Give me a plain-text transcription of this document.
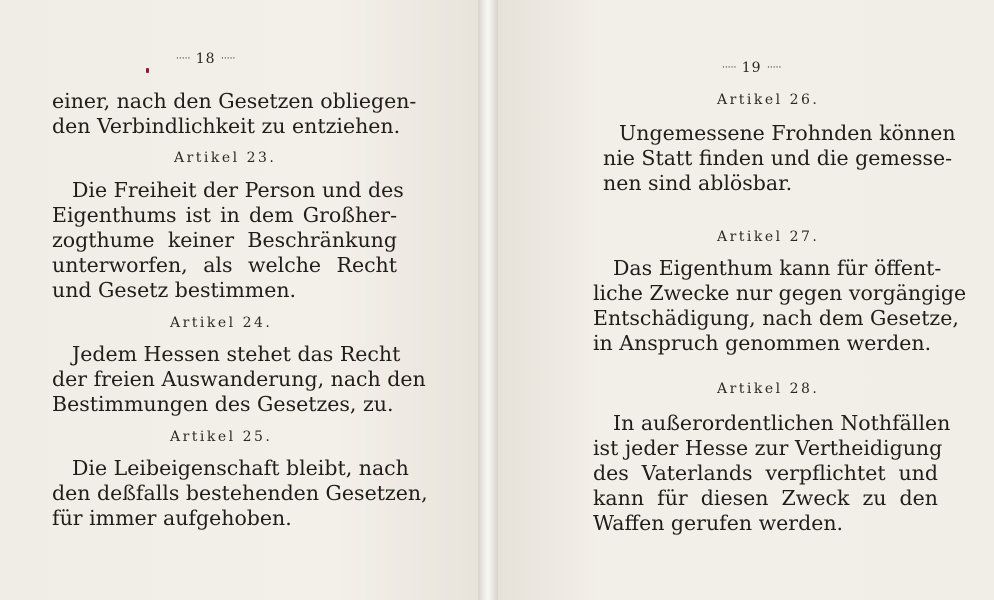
····· 18 ·····
einer, nach den Gesetzen obliegen-
den Verbindlichkeit zu entziehen.
Artikel 23.
Die Freiheit der Person und des
Eigenthums ist in dem Großher-
zogthume keiner Beschränkung
unterworfen, als welche Recht
und Gesetz bestimmen.
Artikel 24.
Jedem Hessen stehet das Recht
der freien Auswanderung, nach den
Bestimmungen des Gesetzes, zu.
Artikel 25.
Die Leibeigenschaft bleibt, nach
den deßfalls bestehenden Gesetzen,
für immer aufgehoben.
····· 19 ·····
Artikel 26.
Ungemessene Frohnden können
nie Statt finden und die gemesse-
nen sind ablösbar.
Artikel 27.
Das Eigenthum kann für öffent-
liche Zwecke nur gegen vorgängige
Entschädigung, nach dem Gesetze,
in Anspruch genommen werden.
Artikel 28.
In außerordentlichen Nothfällen
ist jeder Hesse zur Vertheidigung
des Vaterlands verpflichtet und
kann für diesen Zweck zu den
Waffen gerufen werden.
